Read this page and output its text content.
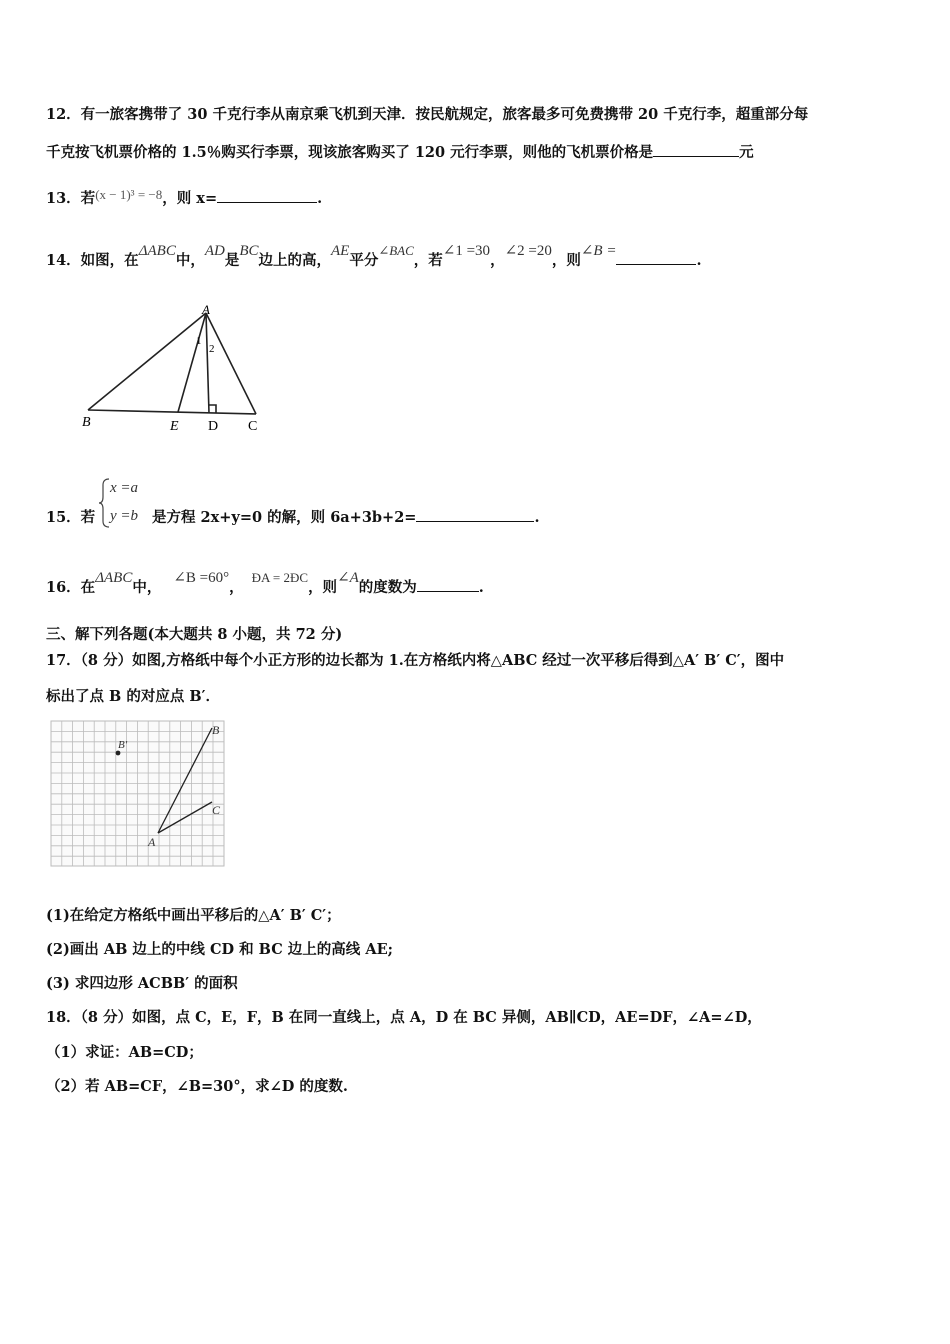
12．有一旅客携带了 30 千克行李从南京乘飞机到天津．按民航规定，旅客最多可免费携带 20 千克行李，超重部分每
千克按飞机票价格的 1.5％购买行李票，现该旅客购买了 120 元行李票，则他的飞机票价格是	元
13．若(x − 1)³ = −8，则 x=	.
14．如图，在ΔABC中，AD是BC边上的高，AE平分∠BAC，若∠1 =30，∠2 =20，则∠B =.
A
1
2
B	E D C
15．若
x =a
y =b 是方程 2x+y=0 的解，则 6a+3b+2=	.
16．在ΔABC中，∠B =60°，ÐA = 2ÐC，则∠A的度数为	.
三、解下列各题(本大题共 8 小题，共 72 分)
17．（8 分）如图,方格纸中每个小正方形的边长都为 1.在方格纸内将△ABC 经过一次平移后得到△A′ B′ C′，图中
标出了点 B 的对应点 B′．
B′
B
C
A
(1)在给定方格纸中画出平移后的△A′ B′ C′；
(2)画出 AB 边上的中线 CD 和 BC 边上的高线 AE;
(3) 求四边形 ACBB′ 的面积
18．（8 分）如图，点 C，E，F，B 在同一直线上，点 A，D 在 BC 异侧，AB∥CD，AE=DF，∠A=∠D，
（1）求证：AB=CD；
（2）若 AB=CF，∠B=30°，求∠D 的度数.
